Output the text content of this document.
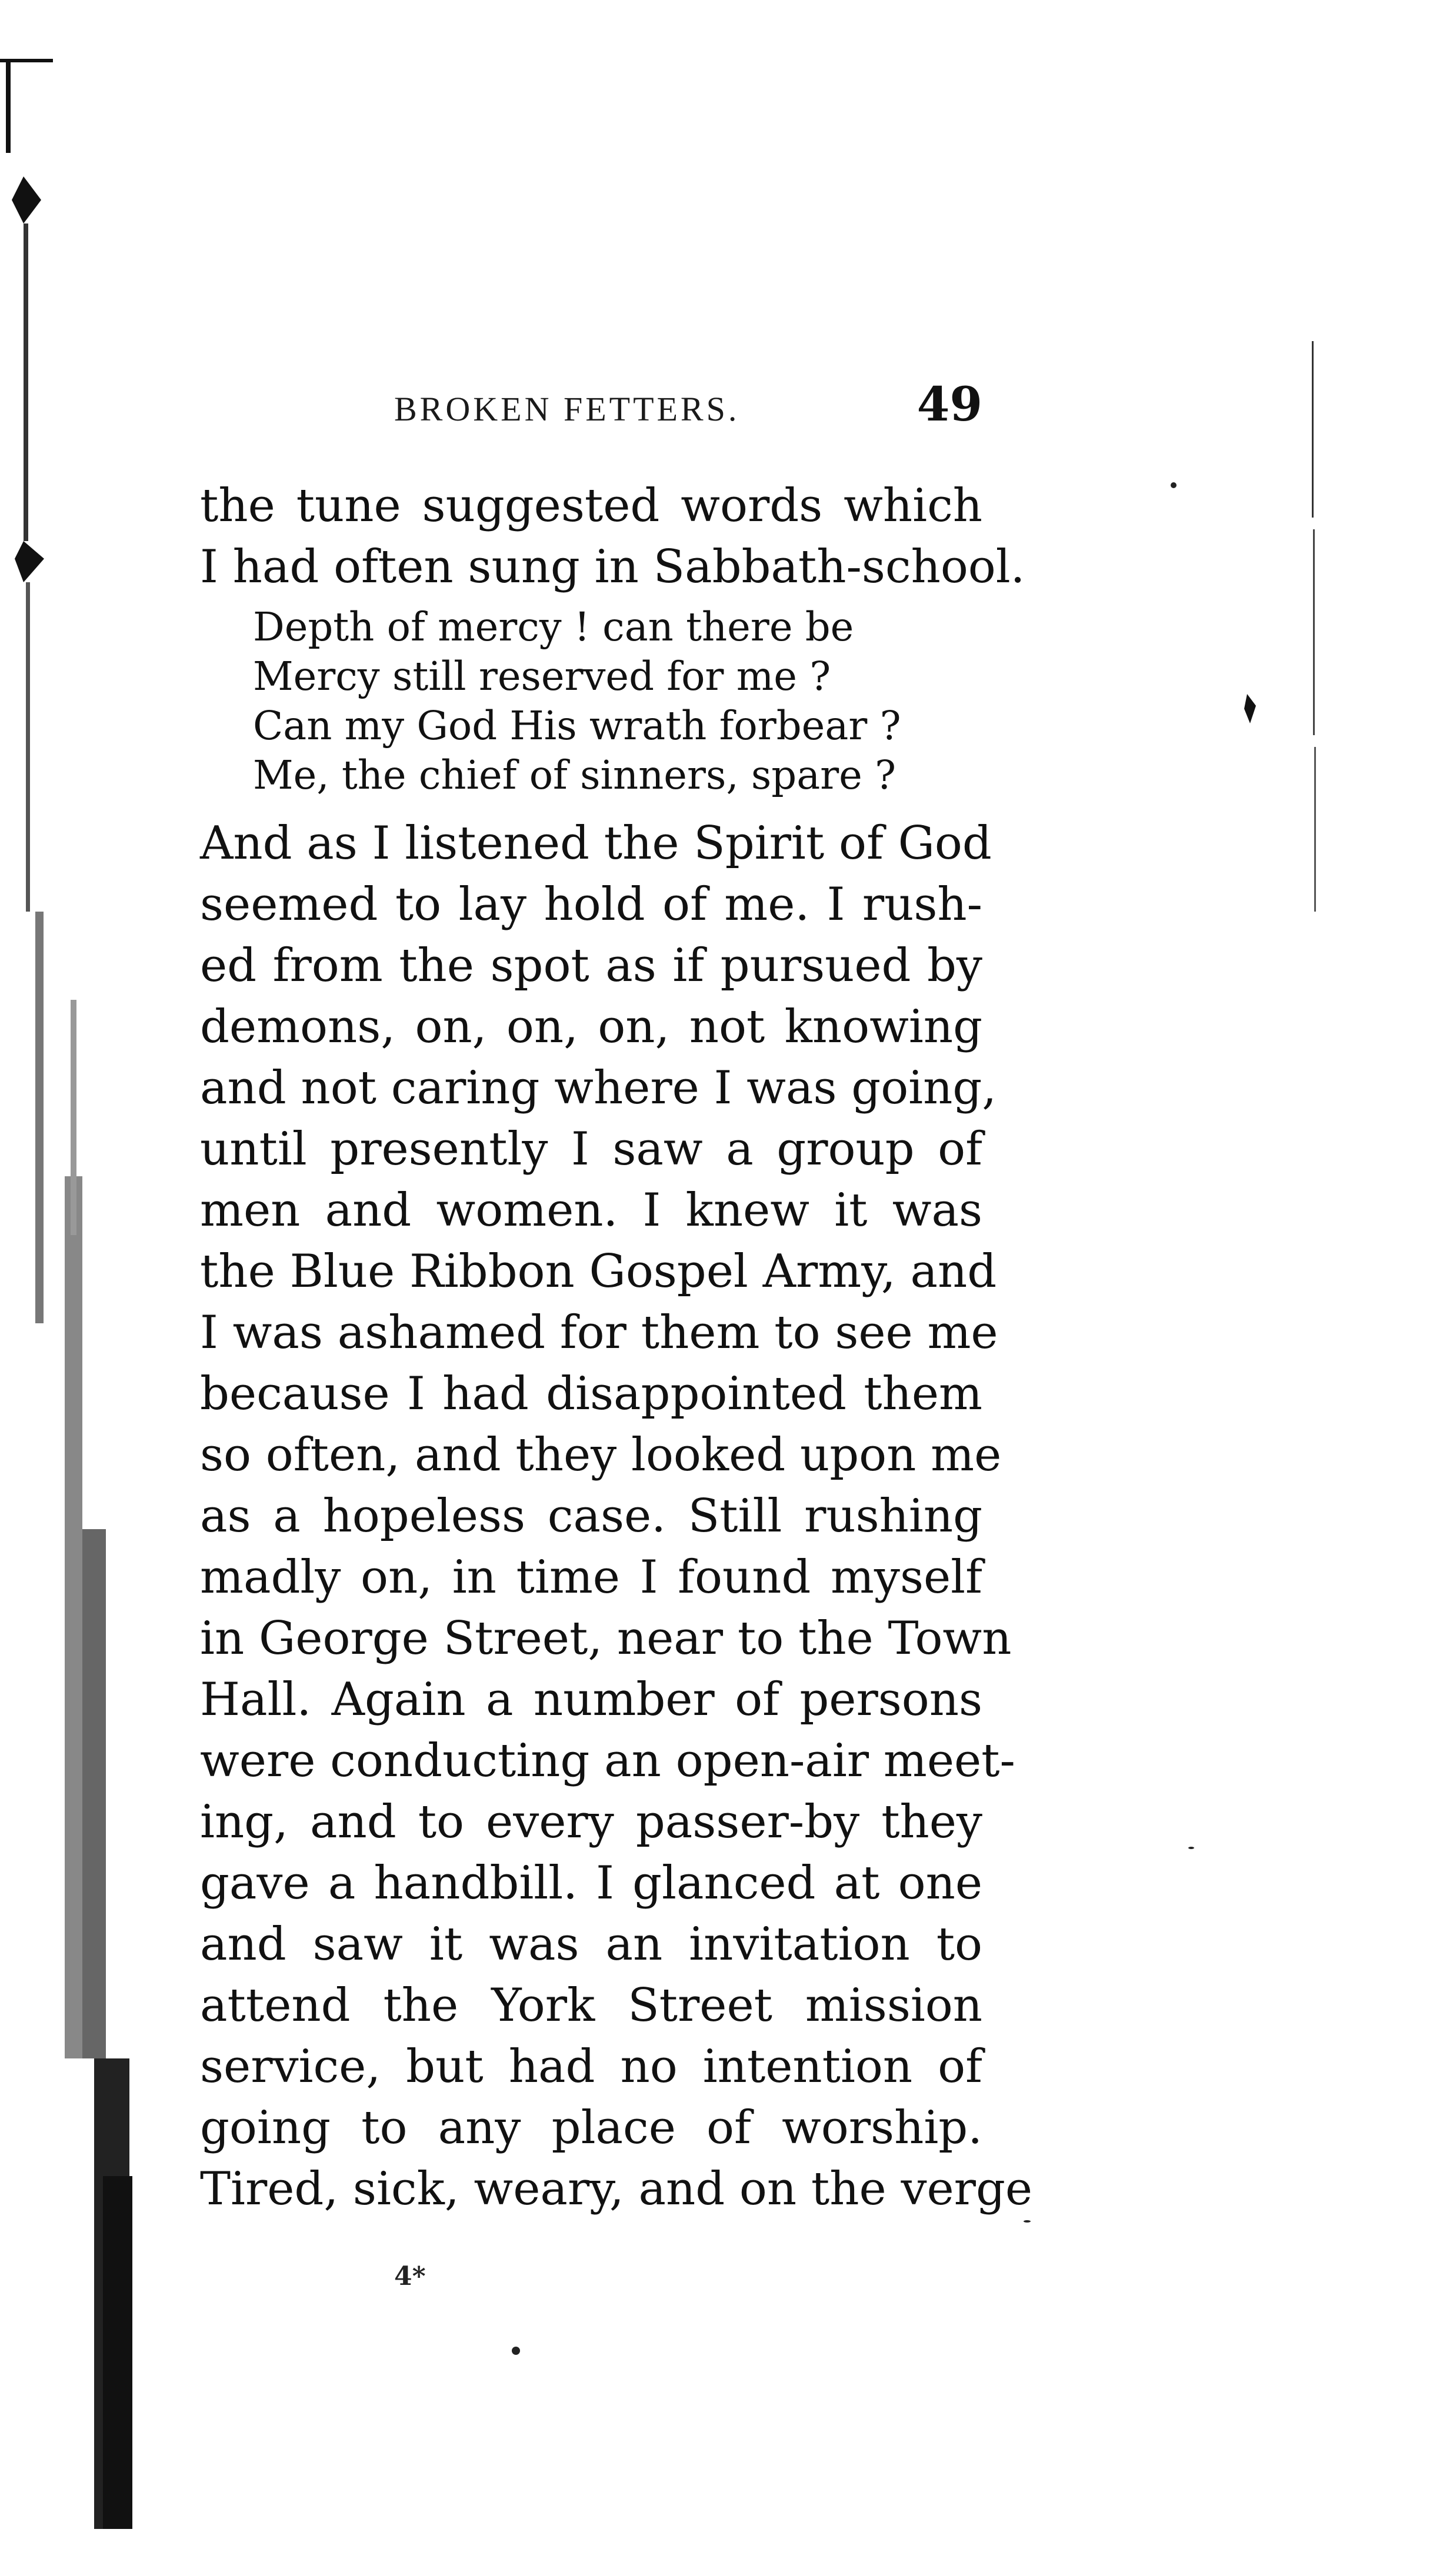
BROKEN FETTERS.	49
the tune suggested words which
I had often sung in Sabbath-school.
Depth of mercy ! can there be
Mercy still reserved for me ?
Can my God His wrath forbear ?
Me, the chief of sinners, spare ?
And as I listened the Spirit of God
seemed to lay hold of me. I rush-
ed from the spot as if pursued by
demons, on, on, on, not knowing
and not caring where I was going,
until presently I saw a group of
men and women. I knew it was
the Blue Ribbon Gospel Army, and
I was ashamed for them to see me
because I had disappointed them
so often, and they looked upon me
as a hopeless case. Still rushing
madly on, in time I found myself
in George Street, near to the Town
Hall. Again a number of persons
were conducting an open-air meet-
ing, and to every passer-by they
gave a handbill. I glanced at one
and saw it was an invitation to
attend the York Street mission
service, but had no intention of
going to any place of worship.
Tired, sick, weary, and on the verge
4*
